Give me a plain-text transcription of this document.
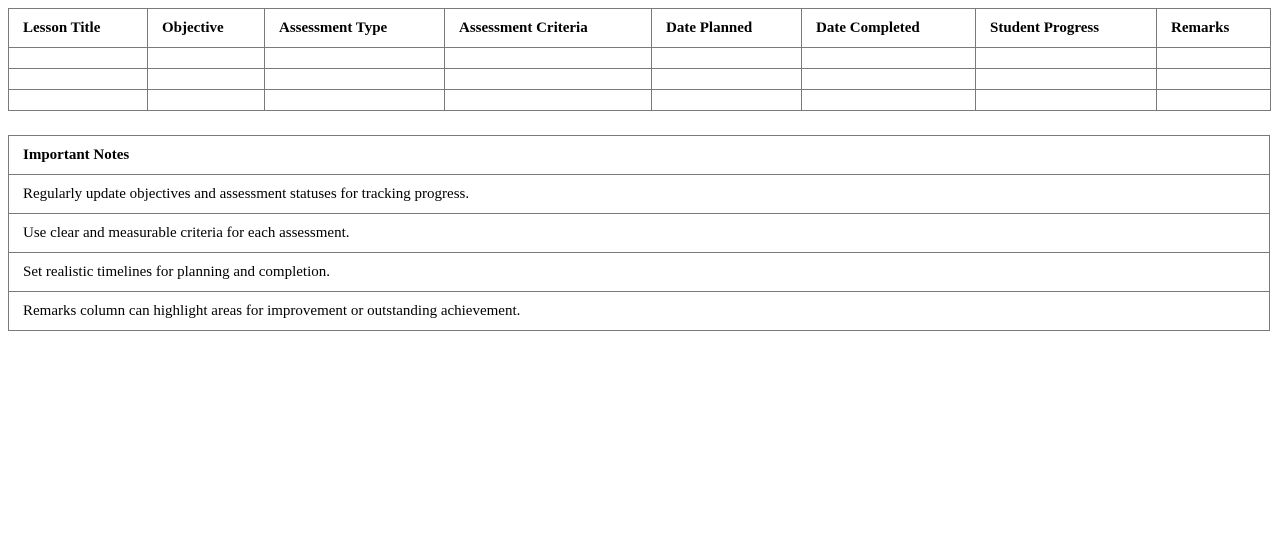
Lesson Title	Objective	Assessment Type	Assessment Criteria	Date Planned	Date Completed	Student Progress	Remarks

Important Notes
Regularly update objectives and assessment statuses for tracking progress.
Use clear and measurable criteria for each assessment.
Set realistic timelines for planning and completion.
Remarks column can highlight areas for improvement or outstanding achievement.
